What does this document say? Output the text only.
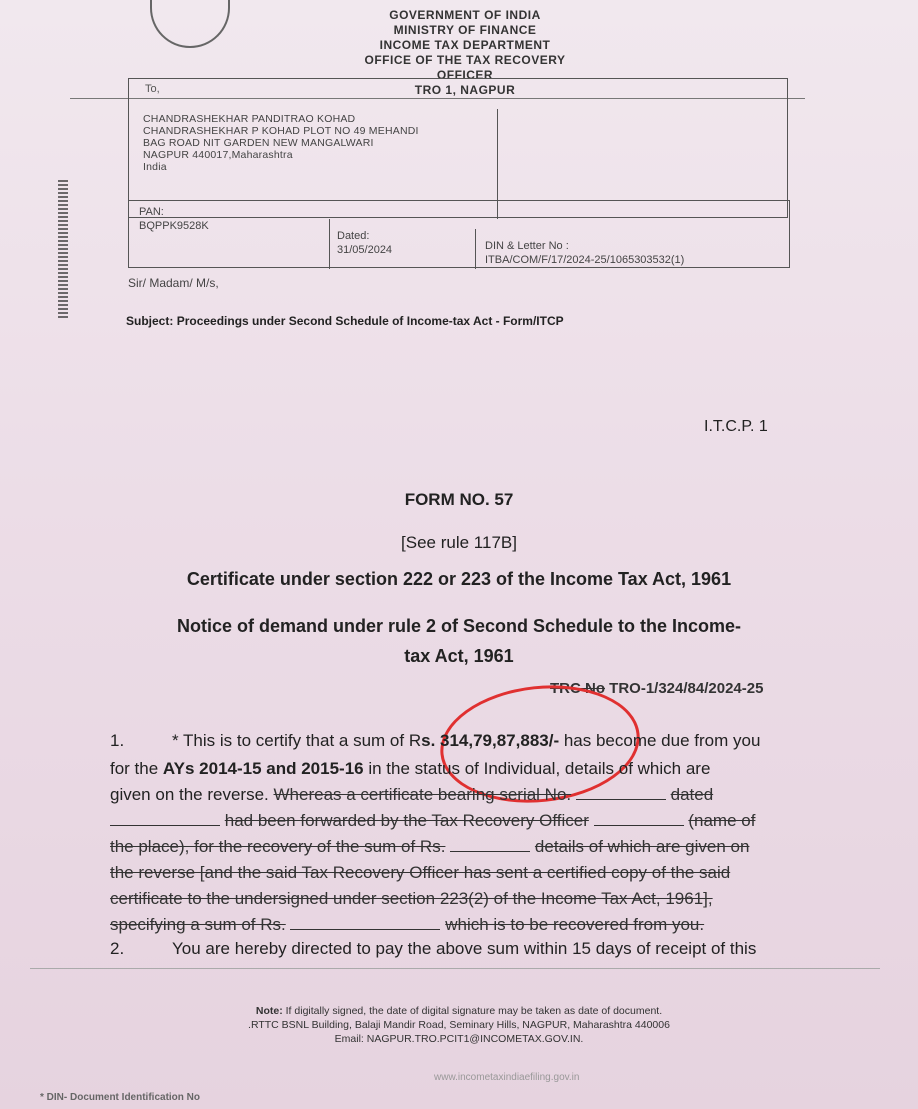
GOVERNMENT OF INDIA
MINISTRY OF FINANCE
INCOME TAX DEPARTMENT
OFFICE OF THE TAX RECOVERY
OFFICER
TRO 1, NAGPUR
To,
CHANDRASHEKHAR PANDITRAO KOHAD
CHANDRASHEKHAR P KOHAD PLOT NO 49 MEHANDI
BAG ROAD NIT GARDEN NEW MANGALWARI
NAGPUR 440017,Maharashtra
India
PAN:
BQPPK9528K
Dated:
31/05/2024	DIN & Letter No :
ITBA/COM/F/17/2024-25/1065303532(1)
Sir/ Madam/ M/s,
Subject: Proceedings under Second Schedule of Income-tax Act - Form/ITCP
I.T.C.P. 1
FORM NO. 57
[See rule 117B]
Certificate under section 222 or 223 of the Income Tax Act, 1961
Notice of demand under rule 2 of Second Schedule to the Income-
tax Act, 1961
TRC No TRO-1/324/84/2024-25
1.	* This is to certify that a sum of Rs. 314,79,87,883/- has become due from you
for the AYs 2014-15 and 2015-16 in the status of Individual, details of which are
given on the reverse. Whereas a certificate bearing serial No.	dated
had been forwarded by the Tax Recovery Officer	(name of
the place), for the recovery of the sum of Rs.	details of which are given on
the reverse [and the said Tax Recovery Officer has sent a certified copy of the said
certificate to the undersigned under section 223(2) of the Income Tax Act, 1961],
specifying a sum of Rs.	which is to be recovered from you.
2.	You are hereby directed to pay the above sum within 15 days of receipt of this
Note: If digitally signed, the date of digital signature may be taken as date of document.
.RTTC BSNL Building, Balaji Mandir Road, Seminary Hills, NAGPUR, Maharashtra 440006
Email: NAGPUR.TRO.PCIT1@INCOMETAX.GOV.IN.
www.incometaxindiaefiling.gov.in
* DIN- Document Identification No
